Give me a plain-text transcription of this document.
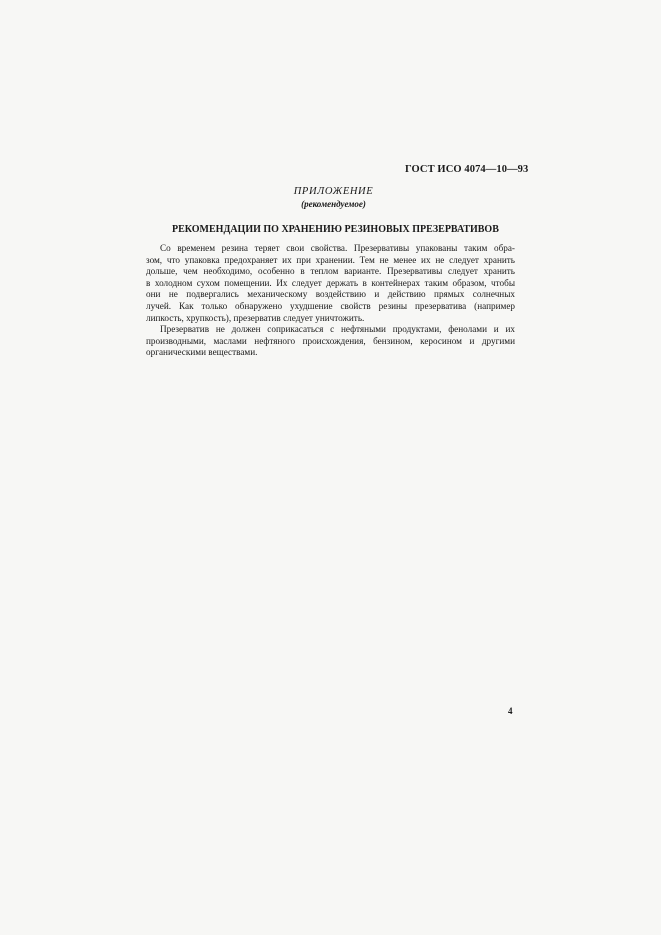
ГОСТ ИСО 4074—10—93
ПРИЛОЖЕНИЕ
(рекомендуемое)
РЕКОМЕНДАЦИИ ПО ХРАНЕНИЮ РЕЗИНОВЫХ ПРЕЗЕРВАТИВОВ
Со временем резина теряет свои свойства. Презервативы упакованы таким обра-
зом, что упаковка предохраняет их при хранении. Тем не менее их не следует хранить
дольше, чем необходимо, особенно в теплом варианте. Презервативы следует хранить
в холодном сухом помещении. Их следует держать в контейнерах таким образом, чтобы
они не подвергались механическому воздействию и действию прямых солнечных
лучей. Как только обнаружено ухудшение свойств резины презерватива (например
липкость, хрупкость), презерватив следует уничтожить.
Презерватив не должен соприкасаться с нефтяными продуктами, фенолами и их
производными, маслами нефтяного происхождения, бензином, керосином и другими
органическими веществами.
4
